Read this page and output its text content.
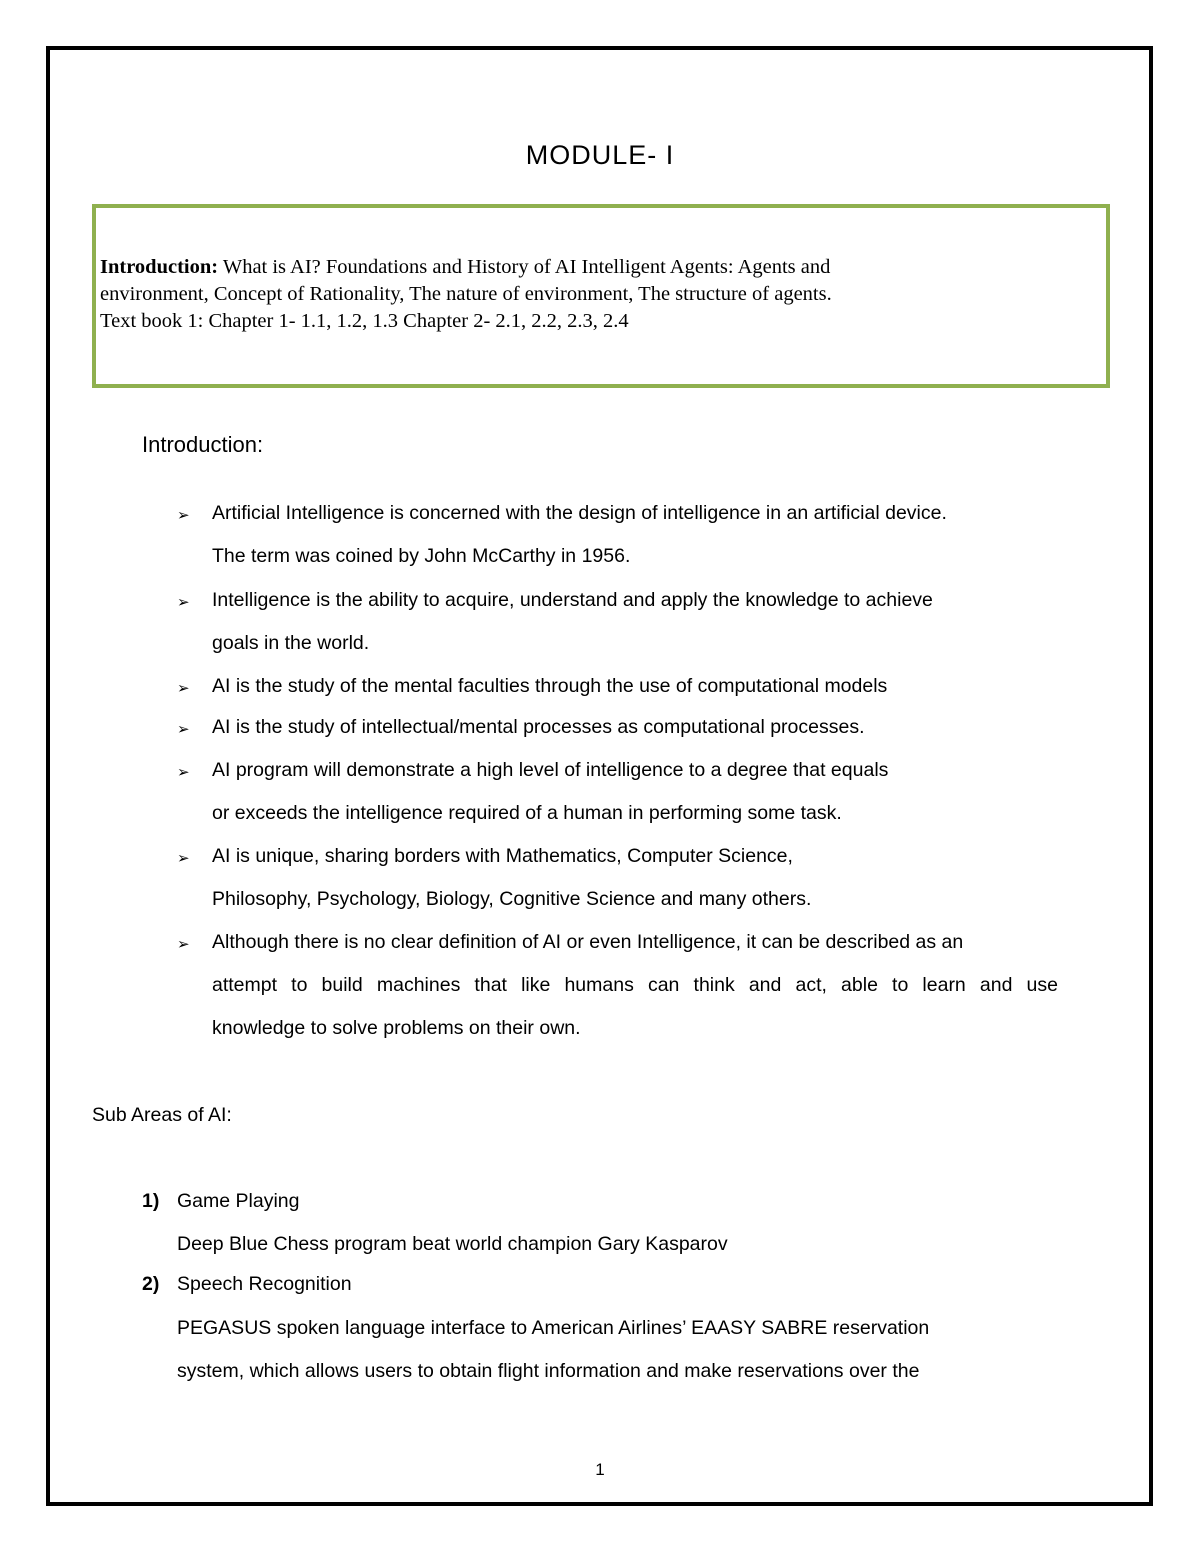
MODULE- I
Introduction: What is AI? Foundations and History of AI Intelligent Agents: Agents and
environment, Concept of Rationality, The nature of environment, The structure of agents.
Text book 1: Chapter 1- 1.1, 1.2, 1.3 Chapter 2- 2.1, 2.2, 2.3, 2.4
Introduction:
➢ Artificial Intelligence is concerned with the design of intelligence in an artificial device.
The term was coined by John McCarthy in 1956.
➢ Intelligence is the ability to acquire, understand and apply the knowledge to achieve
goals in the world.
➢ AI is the study of the mental faculties through the use of computational models
➢ AI is the study of intellectual/mental processes as computational processes.
➢ AI program will demonstrate a high level of intelligence to a degree that equals
or exceeds the intelligence required of a human in performing some task.
➢ AI is unique, sharing borders with Mathematics, Computer Science,
Philosophy, Psychology, Biology, Cognitive Science and many others.
➢ Although there is no clear definition of AI or even Intelligence, it can be described as an
attempt to build machines that like humans can think and act, able to learn and use
knowledge to solve problems on their own.
Sub Areas of AI:
1) Game Playing
Deep Blue Chess program beat world champion Gary Kasparov
2) Speech Recognition
PEGASUS spoken language interface to American Airlines’ EAASY SABRE reservation
system, which allows users to obtain flight information and make reservations over the
1
